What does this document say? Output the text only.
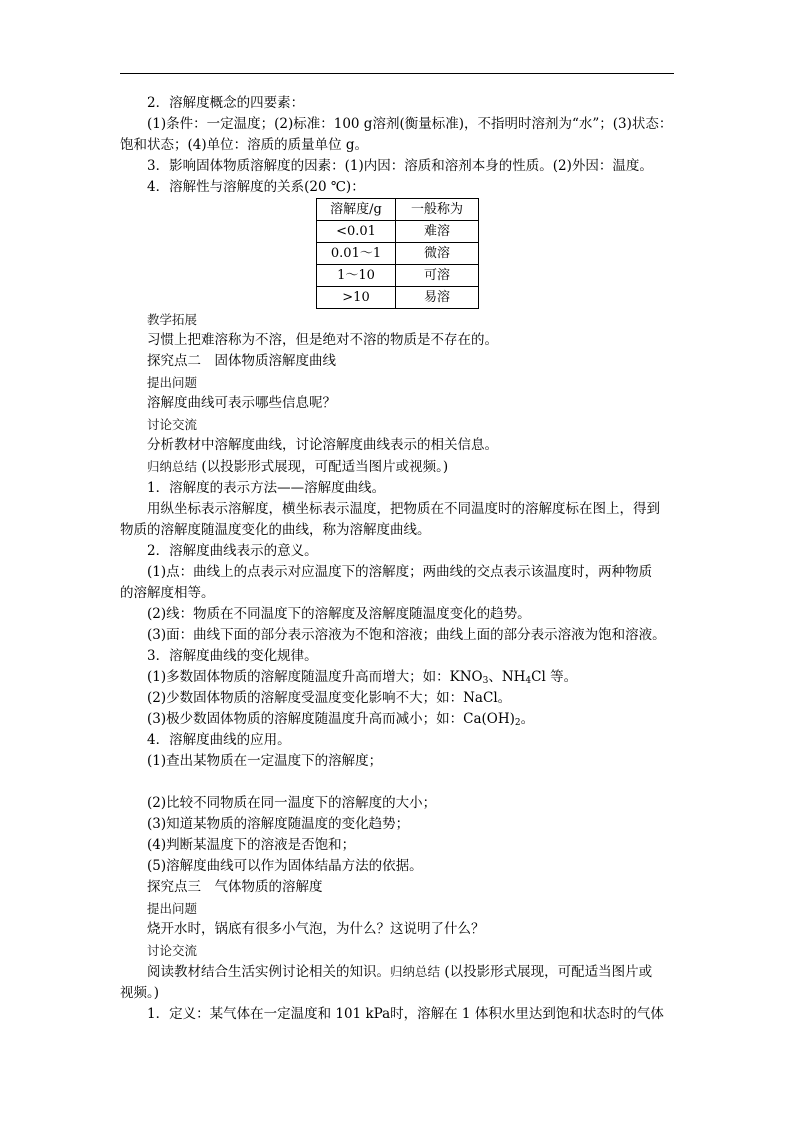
2．溶解度概念的四要素：

(1)条件：一定温度；(2)标准：100 g溶剂(衡量标准)，不指明时溶剂为“水”；(3)状态：

饱和状态；(4)单位：溶质的质量单位 g。

3．影响固体物质溶解度的因素：(1)内因：溶质和溶剂本身的性质。(2)外因：温度。

4．溶解性与溶解度的关系(20 ℃)：

溶解度/g	一般称为
<0.01	难溶
0.01～1	微溶
1～10	可溶
>10	易溶

教学拓展

习惯上把难溶称为不溶，但是绝对不溶的物质是不存在的。

探究点二　固体物质溶解度曲线

提出问题

溶解度曲线可表示哪些信息呢？

讨论交流

分析教材中溶解度曲线，讨论溶解度曲线表示的相关信息。

归纳总结 (以投影形式展现，可配适当图片或视频。)

1．溶解度的表示方法——溶解度曲线。

用纵坐标表示溶解度，横坐标表示温度，把物质在不同温度时的溶解度标在图上，得到

物质的溶解度随温度变化的曲线，称为溶解度曲线。

2．溶解度曲线表示的意义。

(1)点：曲线上的点表示对应温度下的溶解度；两曲线的交点表示该温度时，两种物质

的溶解度相等。

(2)线：物质在不同温度下的溶解度及溶解度随温度变化的趋势。

(3)面：曲线下面的部分表示溶液为不饱和溶液；曲线上面的部分表示溶液为饱和溶液。

3．溶解度曲线的变化规律。

(1)多数固体物质的溶解度随温度升高而增大；如：$KNO_3$、$NH_4Cl$ 等。

(2)少数固体物质的溶解度受温度变化影响不大；如：NaCl。

(3)极少数固体物质的溶解度随温度升高而减小；如：$Ca(OH)_2$。

4．溶解度曲线的应用。

(1)查出某物质在一定温度下的溶解度；

(2)比较不同物质在同一温度下的溶解度的大小；

(3)知道某物质的溶解度随温度的变化趋势；

(4)判断某温度下的溶液是否饱和；

(5)溶解度曲线可以作为固体结晶方法的依据。

探究点三　气体物质的溶解度

提出问题

烧开水时，锅底有很多小气泡，为什么？这说明了什么？

讨论交流

阅读教材结合生活实例讨论相关的知识。归纳总结 (以投影形式展现，可配适当图片或

视频。)

1．定义：某气体在一定温度和 101 kPa时，溶解在 1 体积水里达到饱和状态时的气体
